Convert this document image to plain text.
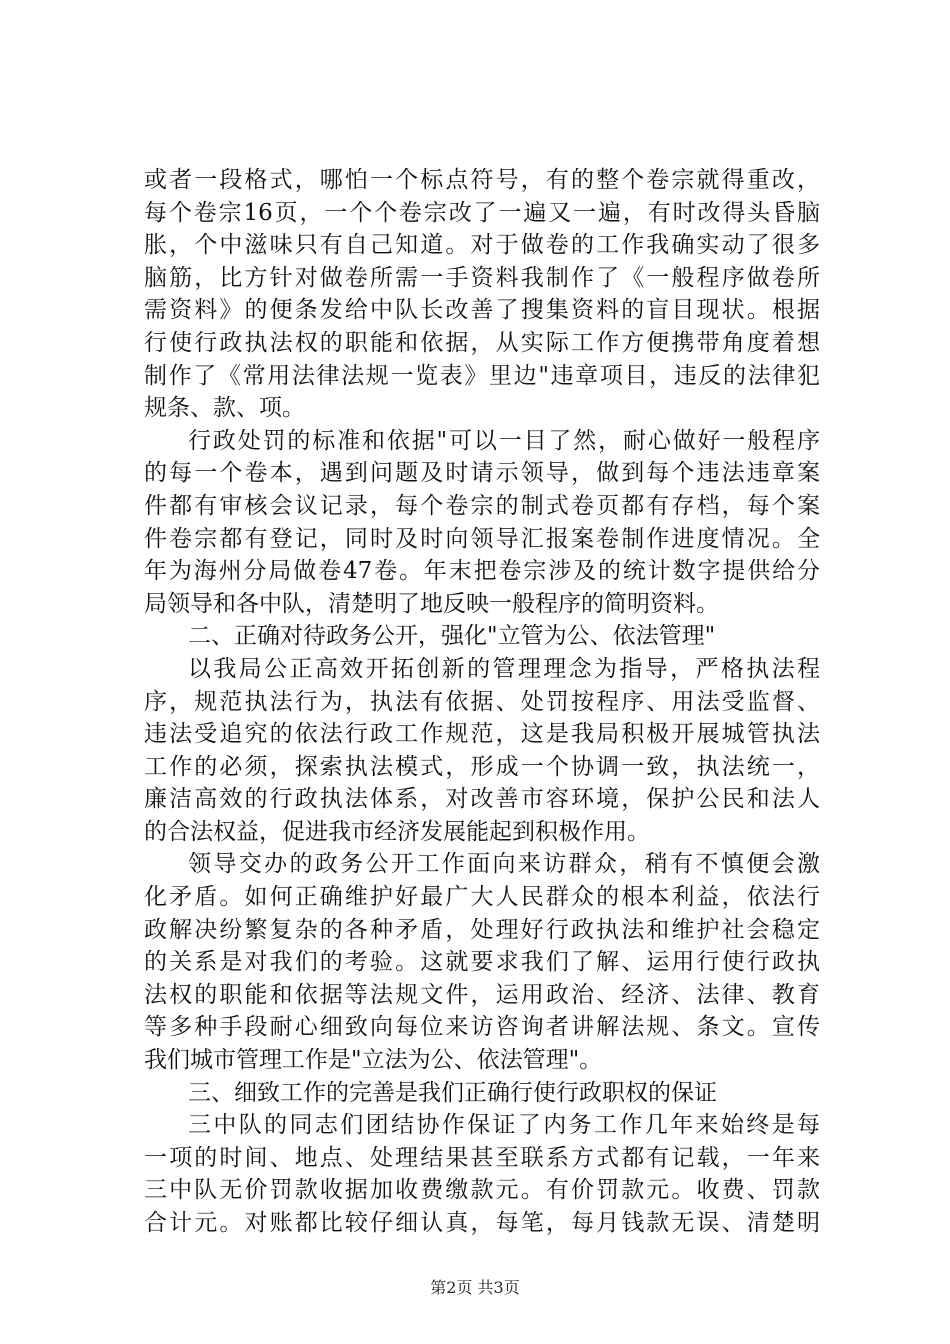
或者一段格式，哪怕一个标点符号，有的整个卷宗就得重改，
每个卷宗16页，一个个卷宗改了一遍又一遍，有时改得头昏脑
胀，个中滋味只有自己知道。对于做卷的工作我确实动了很多
脑筋，比方针对做卷所需一手资料我制作了《一般程序做卷所
需资料》的便条发给中队长改善了搜集资料的盲目现状。根据
行使行政执法权的职能和依据，从实际工作方便携带角度着想
制作了《常用法律法规一览表》里边"违章项目，违反的法律犯
规条、款、项。
行政处罚的标准和依据"可以一目了然，耐心做好一般程序
的每一个卷本，遇到问题及时请示领导，做到每个违法违章案
件都有审核会议记录，每个卷宗的制式卷页都有存档，每个案
件卷宗都有登记，同时及时向领导汇报案卷制作进度情况。全
年为海州分局做卷47卷。年末把卷宗涉及的统计数字提供给分
局领导和各中队，清楚明了地反映一般程序的简明资料。
二、正确对待政务公开，强化"立管为公、依法管理"
以我局公正高效开拓创新的管理理念为指导，严格执法程
序，规范执法行为，执法有依据、处罚按程序、用法受监督、
违法受追究的依法行政工作规范，这是我局积极开展城管执法
工作的必须，探索执法模式，形成一个协调一致，执法统一，
廉洁高效的行政执法体系，对改善市容环境，保护公民和法人
的合法权益，促进我市经济发展能起到积极作用。
领导交办的政务公开工作面向来访群众，稍有不慎便会激
化矛盾。如何正确维护好最广大人民群众的根本利益，依法行
政解决纷繁复杂的各种矛盾，处理好行政执法和维护社会稳定
的关系是对我们的考验。这就要求我们了解、运用行使行政执
法权的职能和依据等法规文件，运用政治、经济、法律、教育
等多种手段耐心细致向每位来访咨询者讲解法规、条文。宣传
我们城市管理工作是"立法为公、依法管理"。
三、细致工作的完善是我们正确行使行政职权的保证
三中队的同志们团结协作保证了内务工作几年来始终是每
一项的时间、地点、处理结果甚至联系方式都有记载，一年来
三中队无价罚款收据加收费缴款元。有价罚款元。收费、罚款
合计元。对账都比较仔细认真，每笔，每月钱款无误、清楚明
第2页 共3页
